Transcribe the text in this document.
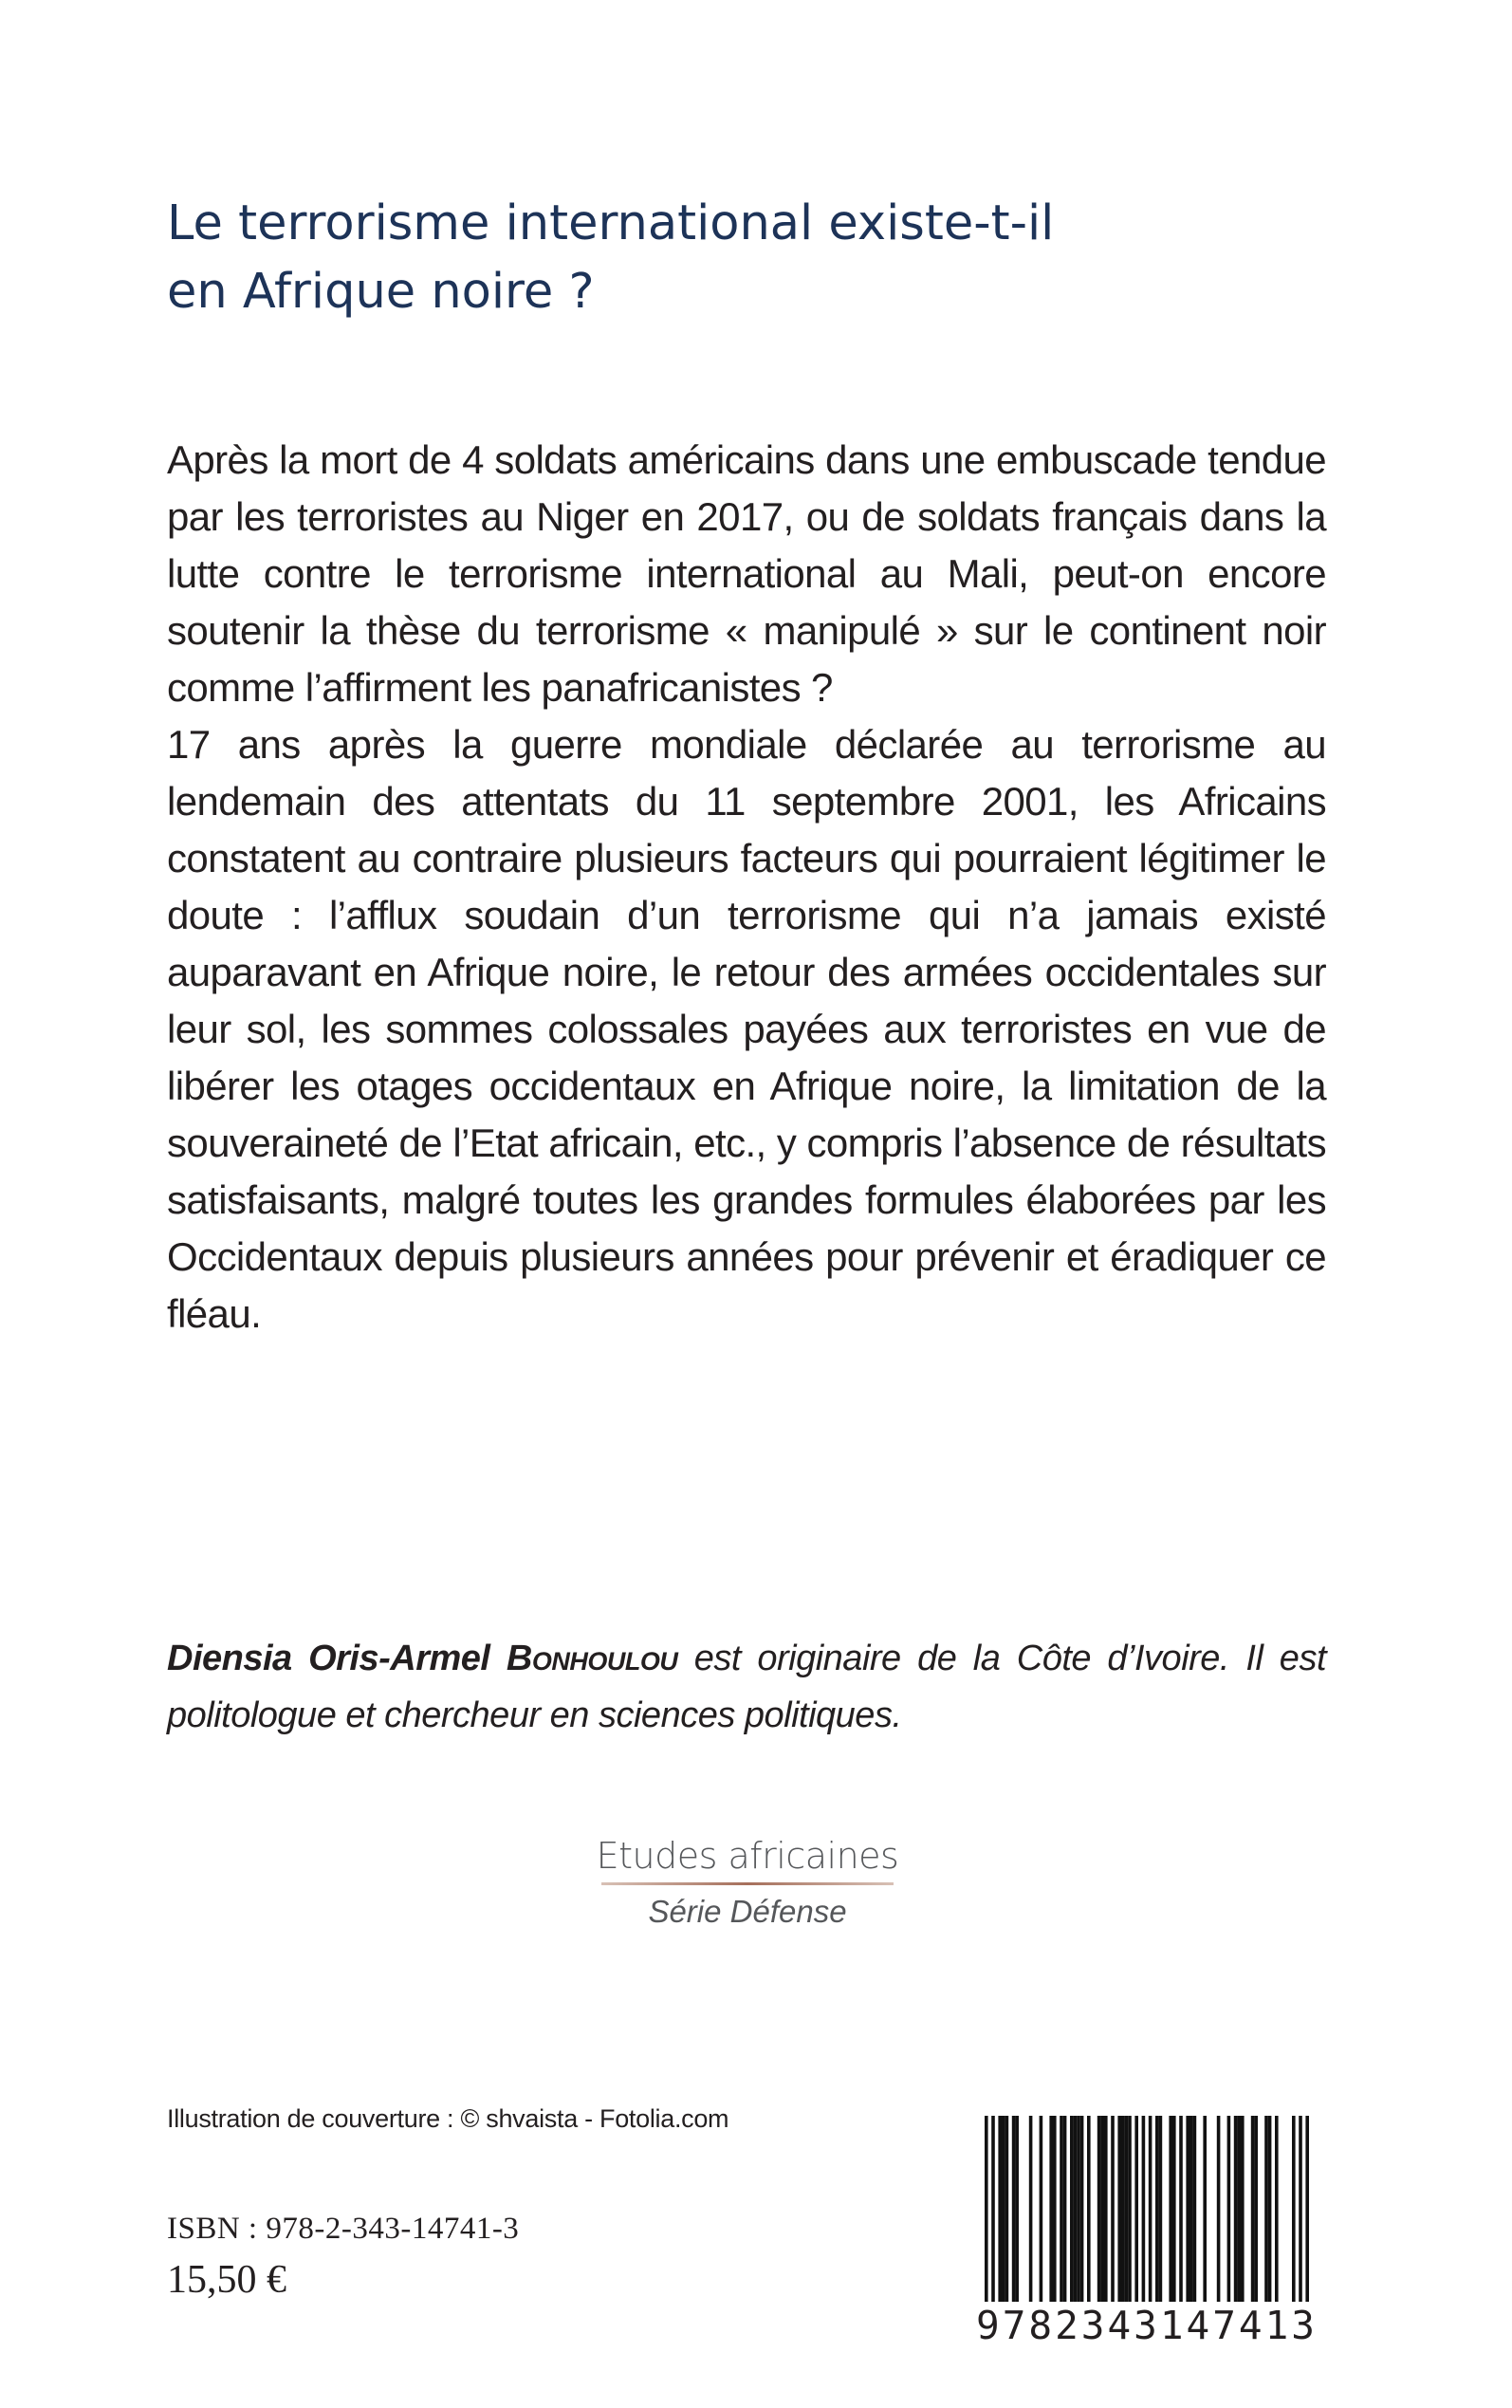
Le terrorisme international existe-t-il
en Afrique noire ?

Après la mort de 4 soldats américains dans une embuscade tendue par les terroristes au Niger en 2017, ou de soldats français dans la lutte contre le terrorisme international au Mali, peut-on encore soutenir la thèse du terrorisme « manipulé » sur le continent noir comme l’affirment les panafricanistes ?

17 ans après la guerre mondiale déclarée au terrorisme au lendemain des attentats du 11 septembre 2001, les Africains constatent au contraire plusieurs facteurs qui pourraient légitimer le doute : l’afflux soudain d’un terrorisme qui n’a jamais existé auparavant en Afrique noire, le retour des armées occidentales sur leur sol, les sommes colossales payées aux terroristes en vue de libérer les otages occidentaux en Afrique noire, la limitation de la souveraineté de l’Etat africain, etc., y compris l’absence de résultats satisfaisants, malgré toutes les grandes formules élaborées par les Occidentaux depuis plusieurs années pour prévenir et éradiquer ce fléau.

Diensia Oris-Armel Bonhoulou est originaire de la Côte d’Ivoire. Il est politologue et chercheur en sciences politiques.
Etudes africaines
Série Défense
Illustration de couverture : © shvaista - Fotolia.com
ISBN : 978-2-343-14741-3
15,50 €
9782343147413
